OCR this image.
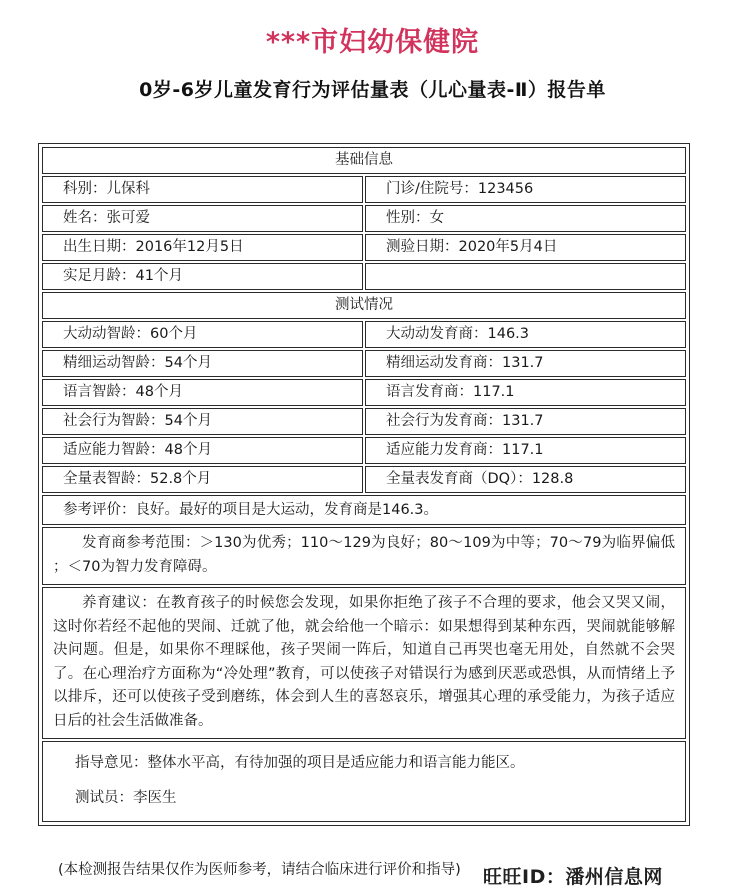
***市妇幼保健院
0岁-6岁儿童发育行为评估量表（儿心量表-Ⅱ）报告单
基础信息
科别：儿保科	门诊/住院号：123456
姓名：张可爱	性别：女
出生日期：2016年12月5日	测验日期：2020年5月4日
实足月龄：41个月
测试情况
大动动智龄：60个月	大动动发育商：146.3
精细运动智龄：54个月	精细运动发育商：131.7
语言智龄：48个月	语言发育商：117.1
社会行为智龄：54个月	社会行为发育商：131.7
适应能力智龄：48个月	适应能力发育商：117.1
全量表智龄：52.8个月	全量表发育商（DQ）：128.8
参考评价：良好。最好的项目是大运动，发育商是146.3。

发育商参考范围：＞130为优秀；110～129为良好；80～109为中等；70～79为临界偏低 ；＜70为智力发育障碍。

养育建议：在教育孩子的时候您会发现，如果你拒绝了孩子不合理的要求，他会又哭又闹，这时你若经不起他的哭闹、迁就了他，就会给他一个暗示：如果想得到某种东西，哭闹就能够解决问题。但是，如果你不理睬他，孩子哭闹一阵后，知道自己再哭也毫无用处，自然就不会哭了。在心理治疗方面称为“冷处理”教育，可以使孩子对错误行为感到厌恶或恐惧，从而情绪上予以排斥，还可以使孩子受到磨练，体会到人生的喜怒哀乐，增强其心理的承受能力，为孩子适应日后的社会生活做准备。

指导意见：整体水平高，有待加强的项目是适应能力和语言能力能区。
测试员：李医生
(本检测报告结果仅作为医师参考，请结合临床进行评价和指导) 旺旺ID：潘州信息网
